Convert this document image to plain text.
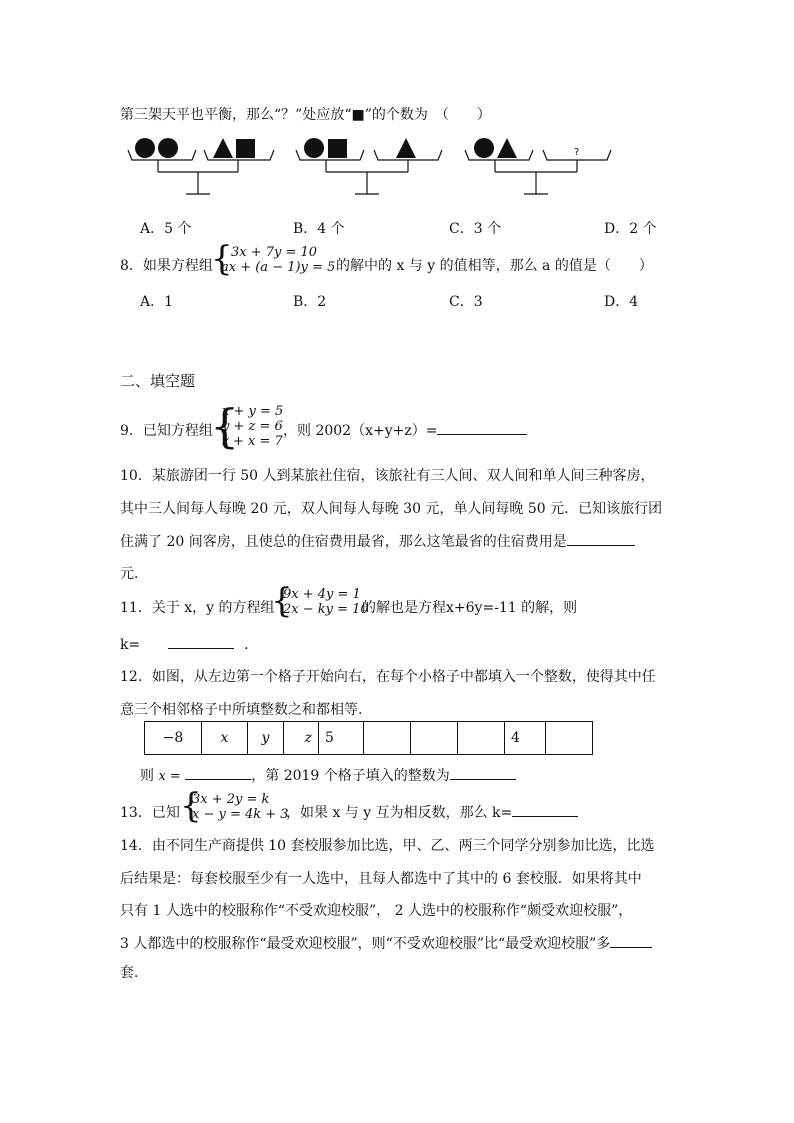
第三架天平也平衡，那么“？”处应放“■”的个数为　（　　）
?
A．5 个	B．4 个	C．3 个	D．2 个
8．如果方程组
{
3x + 7y = 10
ax + (a − 1)y = 5 的解中的 x 与 y 的值相等，那么 a 的值是（　　）
A．1	B．2	C．3	D．4
二、填空题
9．已知方程组
{
x + y = 5
y + z = 6
z + x = 7
，则 2002（x+y+z）=
10．某旅游团一行 50 人到某旅社住宿，该旅社有三人间、双人间和单人间三种客房，
其中三人间每人每晚 20 元，双人间每人每晚 30 元，单人间每晚 50 元．已知该旅行团
住满了 20 间客房，且使总的住宿费用最省，那么这笔最省的住宿费用是
元．
11．关于 x，y 的方程组
{
9x + 4y = 1
2x − ky = 10
的解也是方程x+6y=-11 的解，则
k=	．
12．如图，从左边第一个格子开始向右，在每个小格子中都填入一个整数，使得其中任
意三个相邻格子中所填整数之和都相等.
−8	x	y	z	5				4	
则 x =	，第 2019 个格子填入的整数为
13．已知 {
3x + 2y = k
x − y = 4k + 3
，如果 x 与 y 互为相反数，那么 k=
14．由不同生产商提供 10 套校服参加比选，甲、乙、两三个同学分别参加比选，比选
后结果是：每套校服至少有一人选中，且每人都选中了其中的 6 套校服．如果将其中
只有 1 人选中的校服称作“不受欢迎校服”， 2 人选中的校服称作“颇受欢迎校服”，
3 人都选中的校服称作“最受欢迎校服”，则“不受欢迎校服”比“最受欢迎校服”多
套．
